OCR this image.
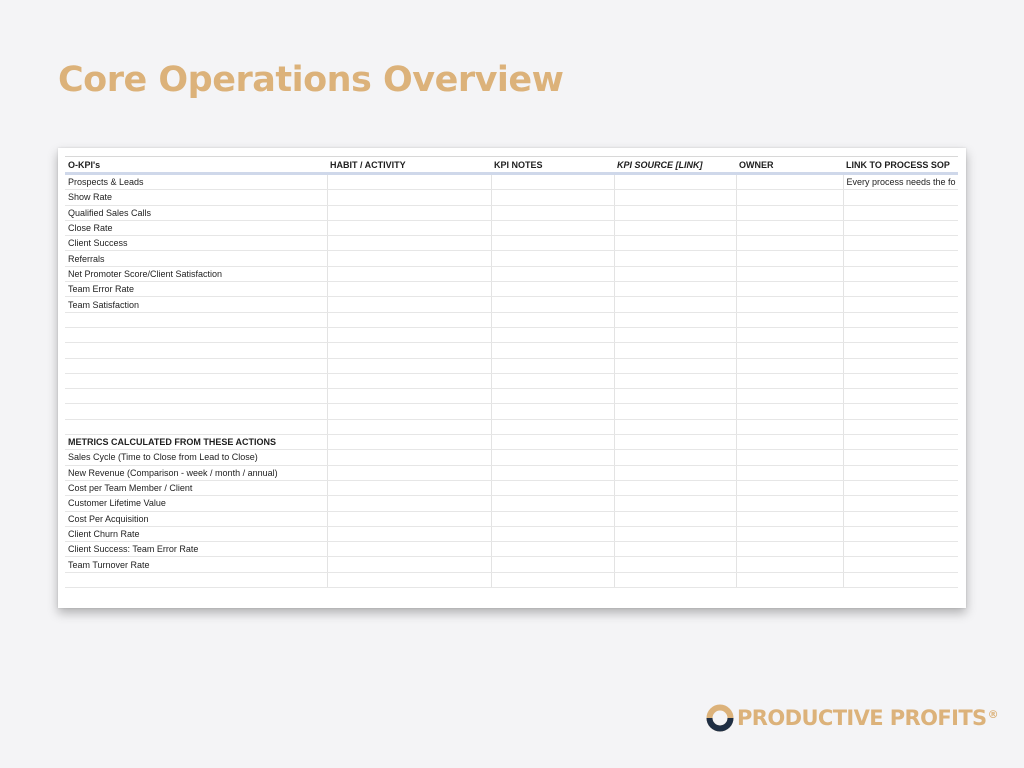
Core Operations Overview
O-KPI's	HABIT / ACTIVITY	KPI NOTES	KPI SOURCE [LINK]	OWNER	LINK TO PROCESS SOP
Prospects & Leads					Every process needs the fo
Show Rate					
Qualified Sales Calls					
Close Rate					
Client Success					
Referrals					
Net Promoter Score/Client Satisfaction					
Team Error Rate					
Team Satisfaction					

METRICS CALCULATED FROM THESE ACTIONS					
Sales Cycle (Time to Close from Lead to Close)					
New Revenue (Comparison - week / month / annual)					
Cost per Team Member / Client					
Customer Lifetime Value					
Cost Per Acquisition					
Client Churn Rate					
Client Success: Team Error Rate					
Team Turnover Rate					

PRODUCTIVE PROFITS ®
